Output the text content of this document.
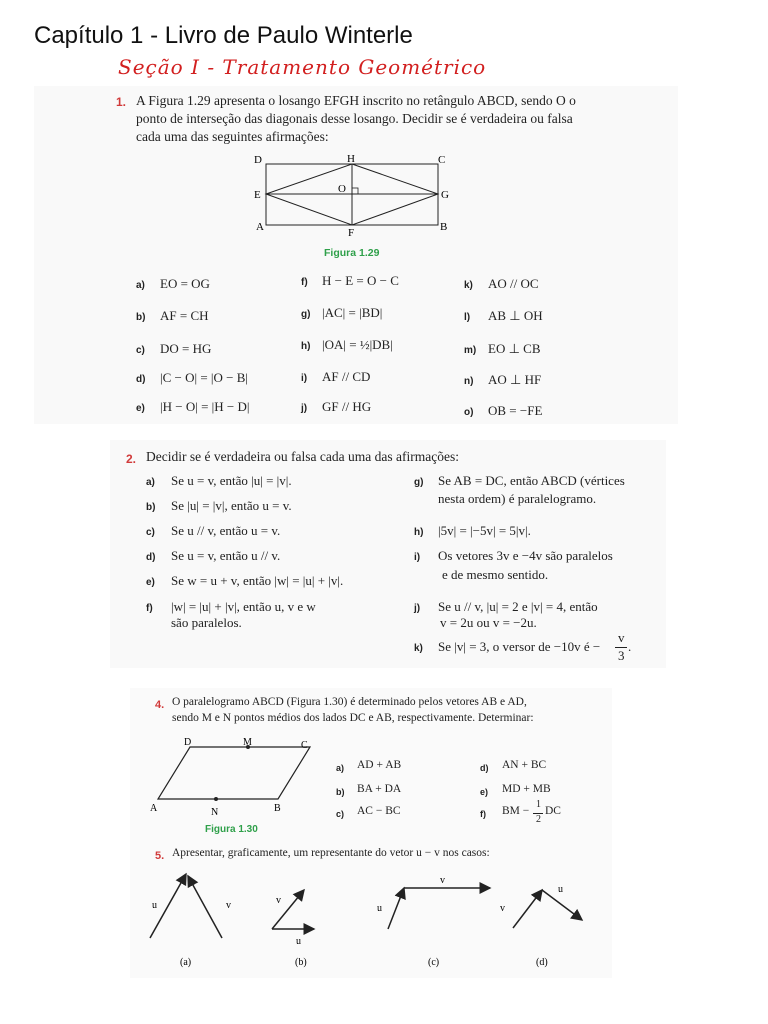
Capítulo 1 - Livro de Paulo Winterle
Seção I - Tratamento Geométrico
1. A Figura 1.29 apresenta o losango EFGH inscrito no retângulo ABCD, sendo O o
ponto de interseção das diagonais desse losango. Decidir se é verdadeira ou falsa
cada uma das seguintes afirmações:
D	H	C
E	O	G
A	F	B
Figura 1.29
a) EO = OG
b) AF = CH
c) DO = HG
d) |C − O| = |O − B|
e) |H − O| = |H − D|
f) H − E = O − C
g) |AC| = |BD|
h) |OA| = ½|DB|
i) AF // CD
j) GF // HG
k) AO // OC
l) AB ⊥ OH
m) EO ⊥ CB
n) AO ⊥ HF
o) OB = −FE
2. Decidir se é verdadeira ou falsa cada uma das afirmações:
a) Se u = v, então |u| = |v|.
b) Se |u| = |v|, então u = v.
c) Se u // v, então u = v.
d) Se u = v, então u // v.
e) Se w = u + v, então |w| = |u| + |v|.
f) |w| = |u| + |v|, então u, v e w
são paralelos.
g) Se AB = DC, então ABCD (vértices
nesta ordem) é paralelogramo.
h) |5v| = |−5v| = 5|v|.
i) Os vetores 3v e −4v são paralelos
e de mesmo sentido.
j) Se u // v, |u| = 2 e |v| = 4, então
v = 2u ou v = −2u.
k) Se |v| = 3, o versor de −10v é −
v
3
.
4. O paralelogramo ABCD (Figura 1.30) é determinado pelos vetores AB e AD,
sendo M e N pontos médios dos lados DC e AB, respectivamente. Determinar:
D	M	C
A	N	B
Figura 1.30
a) AD + AB
b) BA + DA
c) AC − BC
d) AN + BC
e) MD + MB
f) BM −
1
2
DC
5. Apresentar, graficamente, um representante do vetor u − v nos casos:
u	v
(a)
v
u
(b)
u
v
(c)
v
u
(d)
